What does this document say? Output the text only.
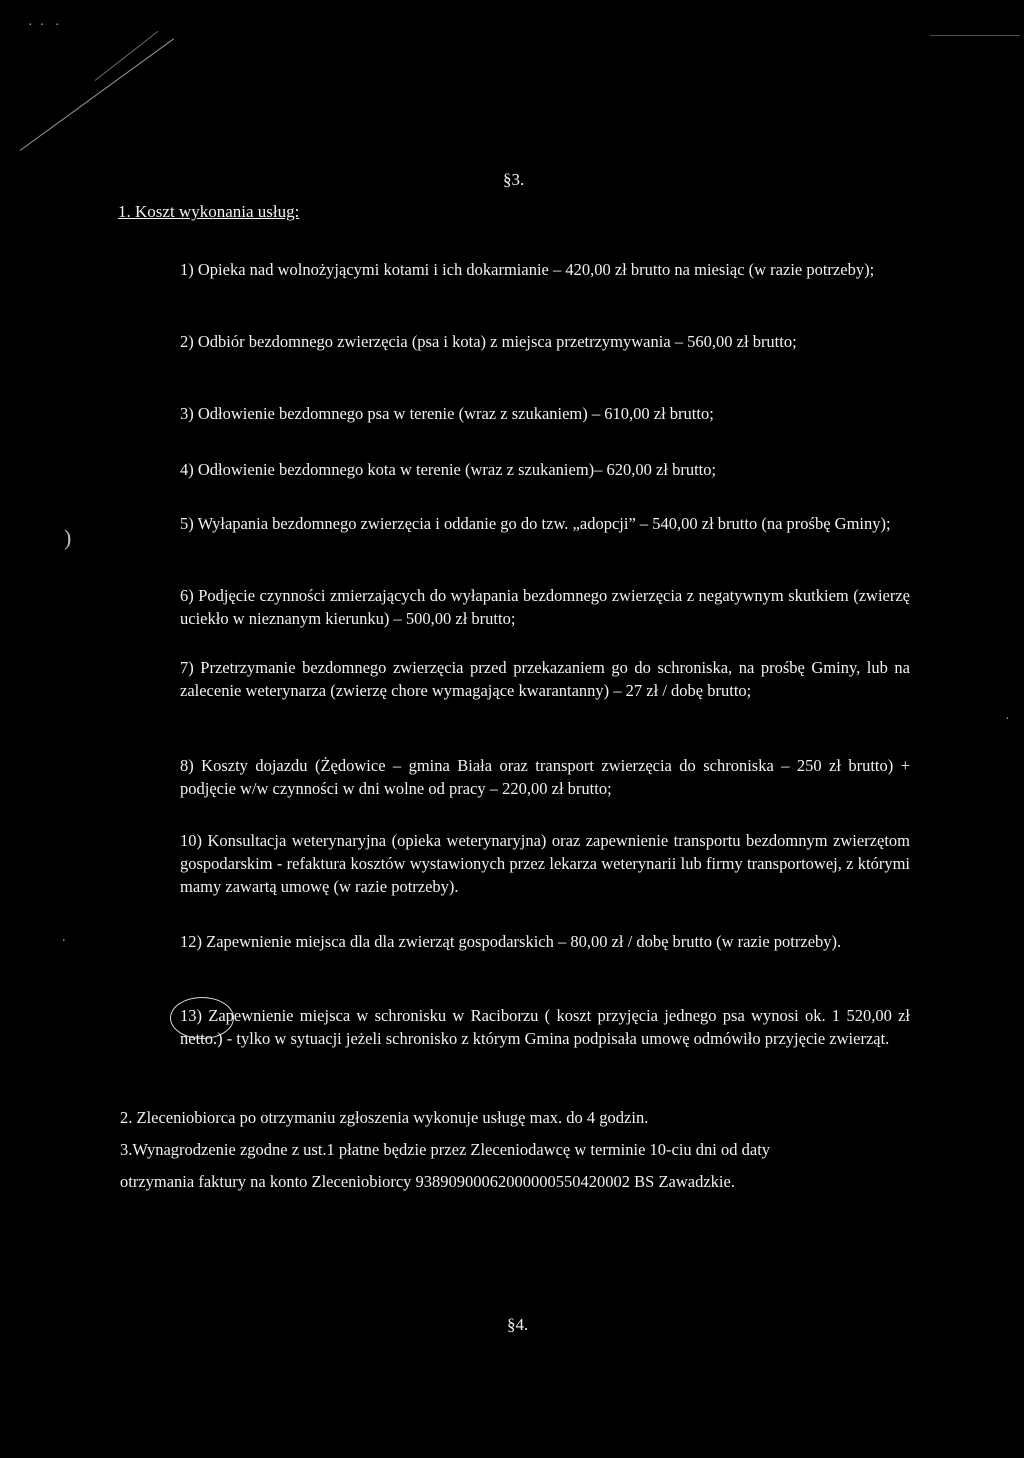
·  ·   ·
)
·
.
§3.
1. Koszt wykonania usług:

1) Opieka nad wolnożyjącymi kotami i ich dokarmianie – 420,00 zł brutto na miesiąc (w razie potrzeby);

2) Odbiór bezdomnego zwierzęcia (psa i kota) z miejsca przetrzymywania – 560,00 zł brutto;

3) Odłowienie bezdomnego psa w terenie (wraz z szukaniem) – 610,00 zł brutto;

4) Odłowienie bezdomnego kota w terenie (wraz z szukaniem)– 620,00 zł brutto;

5) Wyłapania bezdomnego zwierzęcia i oddanie go do tzw. „adopcji” – 540,00 zł brutto (na prośbę Gminy);

6) Podjęcie czynności zmierzających do wyłapania bezdomnego zwierzęcia z negatywnym skutkiem (zwierzę uciekło w nieznanym kierunku) – 500,00 zł brutto;

7) Przetrzymanie bezdomnego zwierzęcia przed przekazaniem go do schroniska, na prośbę Gminy, lub na zalecenie weterynarza (zwierzę chore wymagające kwarantanny) – 27 zł / dobę brutto;

8) Koszty dojazdu (Żędowice – gmina Biała oraz transport zwierzęcia do schroniska – 250 zł brutto) + podjęcie w/w czynności w dni wolne od pracy – 220,00 zł brutto;

10) Konsultacja weterynaryjna (opieka weterynaryjna) oraz zapewnienie transportu bezdomnym zwierzętom gospodarskim - refaktura kosztów wystawionych przez lekarza weterynarii lub firmy transportowej, z którymi mamy zawartą umowę (w razie potrzeby).

12) Zapewnienie miejsca dla dla zwierząt gospodarskich – 80,00 zł / dobę brutto (w razie potrzeby).

13) Zapewnienie miejsca w schronisku w Raciborzu ( koszt przyjęcia jednego psa wynosi ok. 1 520,00 zł netto.) - tylko w sytuacji jeżeli schronisko z którym Gmina podpisała umowę odmówiło przyjęcie zwierząt.

2. Zleceniobiorca po otrzymaniu zgłoszenia wykonuje usługę max. do 4 godzin.

3.Wynagrodzenie zgodne z ust.1 płatne będzie przez Zleceniodawcę w terminie 10-ciu dni od daty

otrzymania faktury na konto Zleceniobiorcy 93890900062000000550420002 BS Zawadzkie.

§4.
